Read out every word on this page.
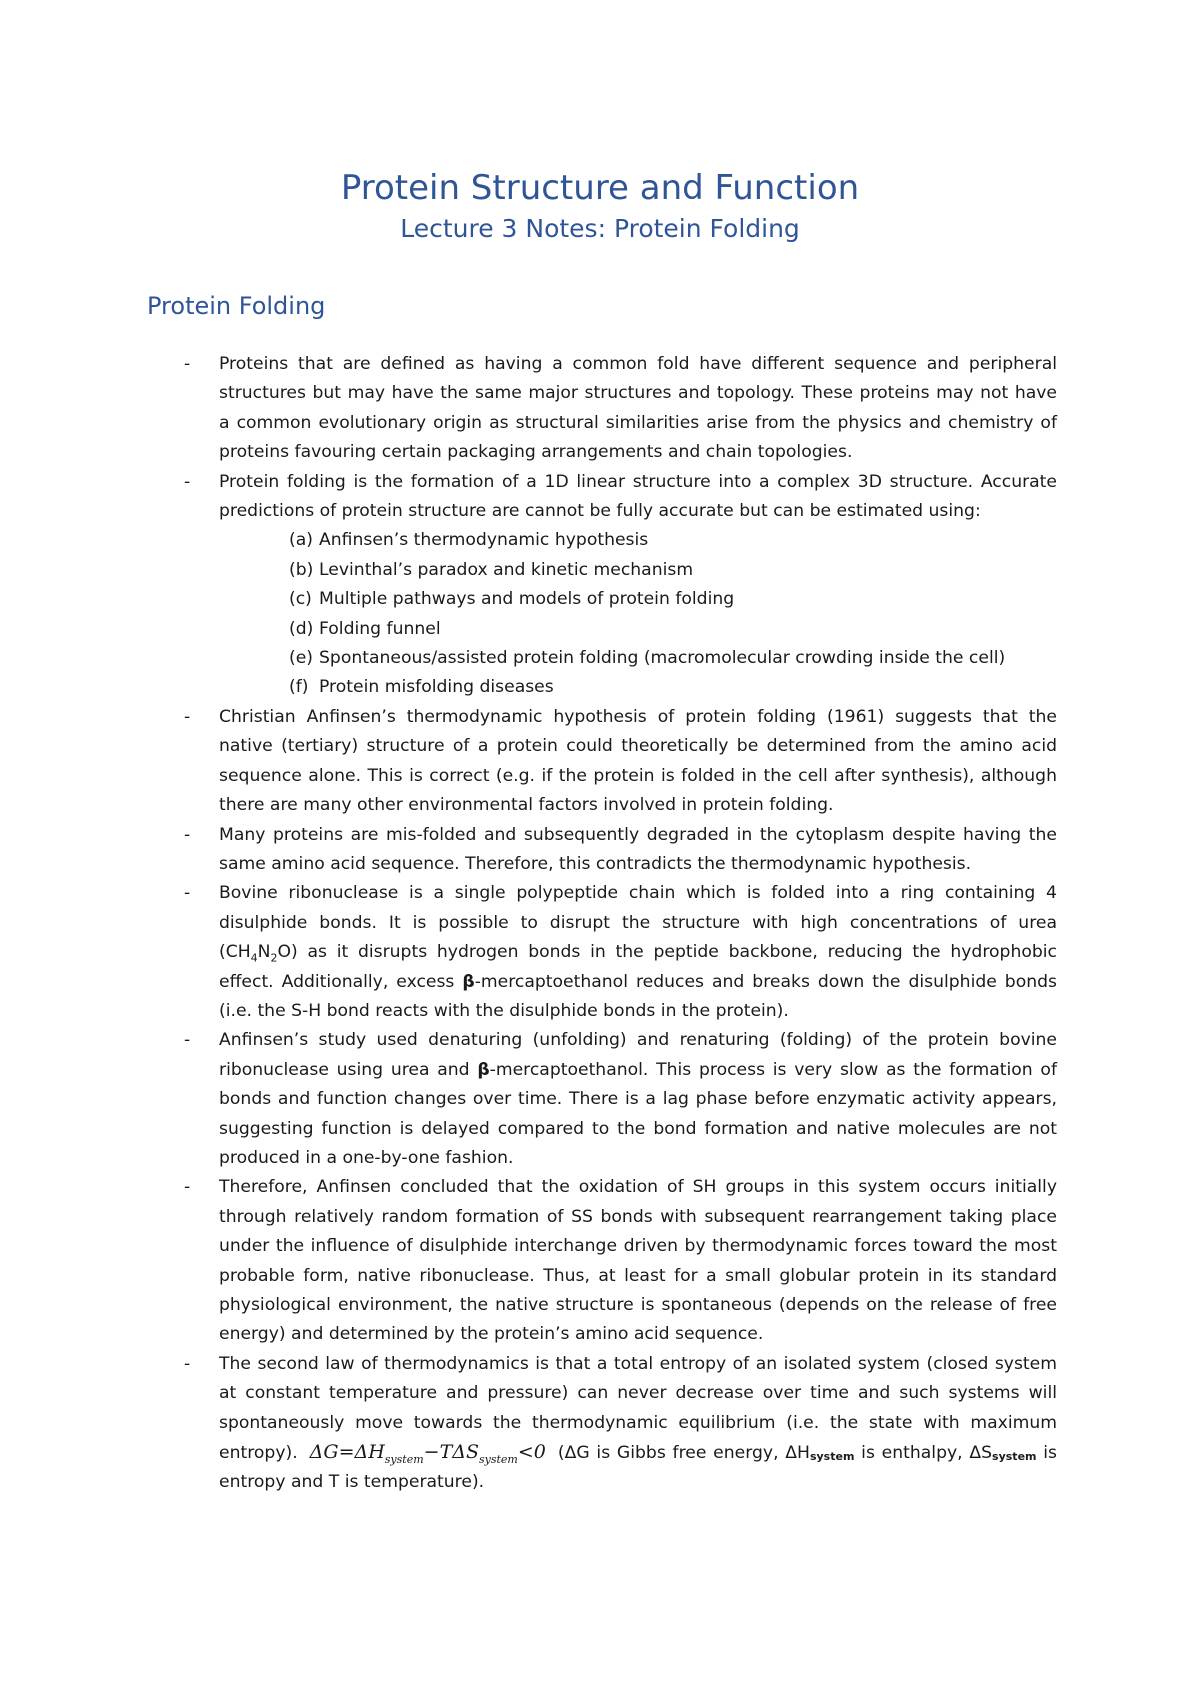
Protein Structure and Function
Lecture 3 Notes: Protein Folding
Protein Folding
- Proteins that are defined as having a common fold have different sequence and peripheral structures but may have the same major structures and topology. These proteins may not have a common evolutionary origin as structural similarities arise from the physics and chemistry of proteins favouring certain packaging arrangements and chain topologies.
- Protein folding is the formation of a 1D linear structure into a complex 3D structure. Accurate predictions of protein structure are cannot be fully accurate but can be estimated using:
(a) Anfinsen’s thermodynamic hypothesis
(b) Levinthal’s paradox and kinetic mechanism
(c) Multiple pathways and models of protein folding
(d) Folding funnel
(e) Spontaneous/assisted protein folding (macromolecular crowding inside the cell)
(f) Protein misfolding diseases
- Christian Anfinsen’s thermodynamic hypothesis of protein folding (1961) suggests that the native (tertiary) structure of a protein could theoretically be determined from the amino acid sequence alone. This is correct (e.g. if the protein is folded in the cell after synthesis), although there are many other environmental factors involved in protein folding.
- Many proteins are mis-folded and subsequently degraded in the cytoplasm despite having the same amino acid sequence. Therefore, this contradicts the thermodynamic hypothesis.
- Bovine ribonuclease is a single polypeptide chain which is folded into a ring containing 4 disulphide bonds. It is possible to disrupt the structure with high concentrations of urea $(CH_4N_2O)$ as it disrupts hydrogen bonds in the peptide backbone, reducing the hydrophobic effect. Additionally, excess β-mercaptoethanol reduces and breaks down the disulphide bonds (i.e. the S-H bond reacts with the disulphide bonds in the protein).
- Anfinsen’s study used denaturing (unfolding) and renaturing (folding) of the protein bovine ribonuclease using urea and β-mercaptoethanol. This process is very slow as the formation of bonds and function changes over time. There is a lag phase before enzymatic activity appears, suggesting function is delayed compared to the bond formation and native molecules are not produced in a one-by-one fashion.
- Therefore, Anfinsen concluded that the oxidation of SH groups in this system occurs initially through relatively random formation of SS bonds with subsequent rearrangement taking place under the influence of disulphide interchange driven by thermodynamic forces toward the most probable form, native ribonuclease. Thus, at least for a small globular protein in its standard physiological environment, the native structure is spontaneous (depends on the release of free energy) and determined by the protein’s amino acid sequence.
- The second law of thermodynamics is that a total entropy of an isolated system (closed system at constant temperature and pressure) can never decrease over time and such systems will spontaneously move towards the thermodynamic equilibrium (i.e. the state with maximum entropy). $\Delta G=\Delta H_{system}-T\Delta S_{system}<0$ (ΔG is Gibbs free energy, $\Delta H_{system}$ is enthalpy, $\Delta S_{system}$ is entropy and T is temperature).
